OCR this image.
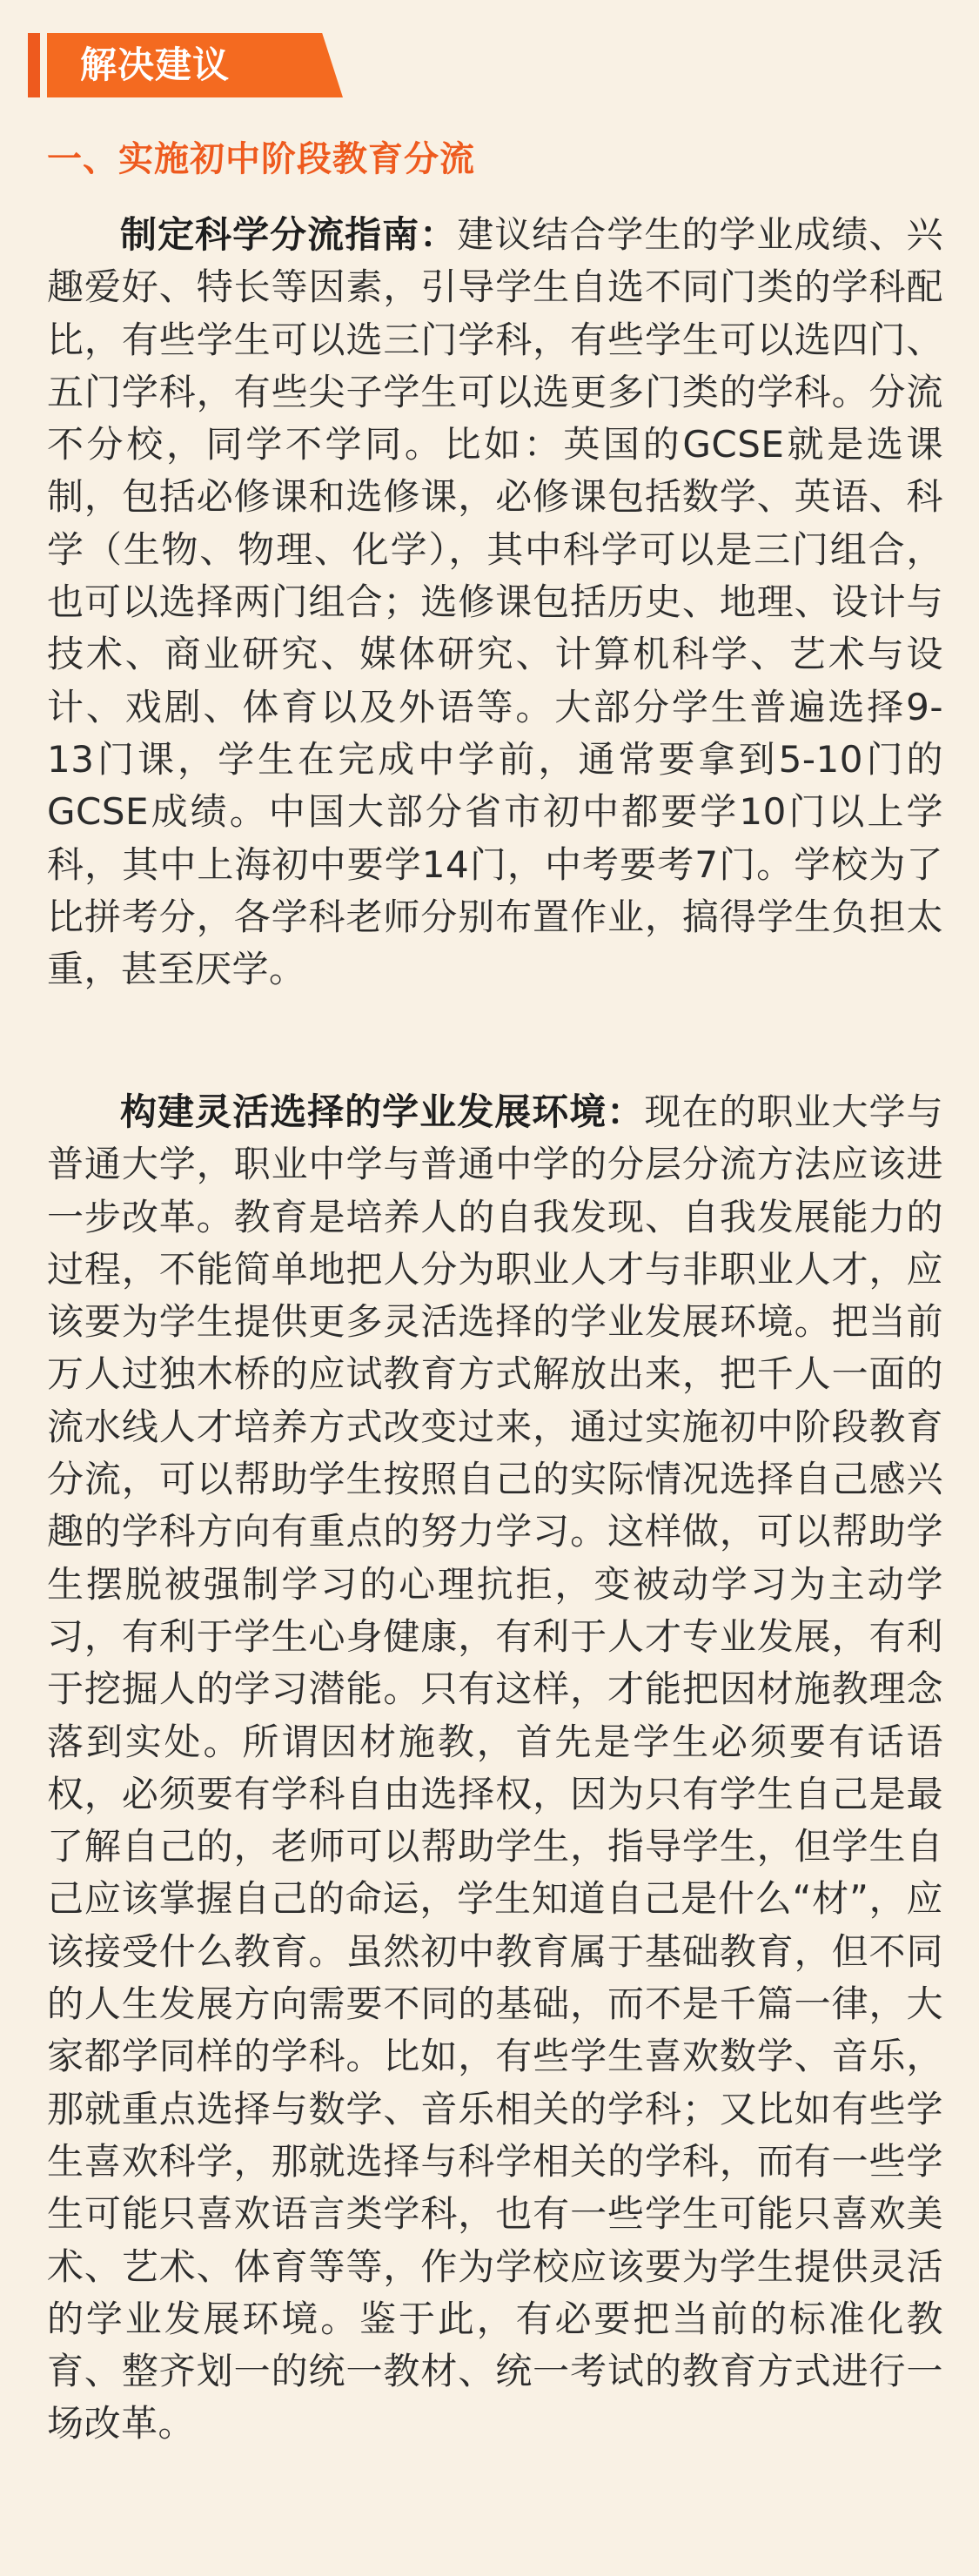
解决建议
一、实施初中阶段教育分流

制定科学分流指南：建议结合学生的学业成绩、兴趣爱好、特长等因素，引导学生自选不同门类的学科配比，有些学生可以选三门学科，有些学生可以选四门、五门学科，有些尖子学生可以选更多门类的学科。分流不分校，同学不学同。比如：英国的GCSE就是选课制，包括必修课和选修课，必修课包括数学、英语、科学（生物、物理、化学），其中科学可以是三门组合，也可以选择两门组合；选修课包括历史、地理、设计与技术、商业研究、媒体研究、计算机科学、艺术与设计、戏剧、体育以及外语等。大部分学生普遍选择9-13门课，学生在完成中学前，通常要拿到5-10门的GCSE成绩。中国大部分省市初中都要学10门以上学科，其中上海初中要学14门，中考要考7门。学校为了比拼考分，各学科老师分别布置作业，搞得学生负担太重，甚至厌学。

构建灵活选择的学业发展环境：现在的职业大学与普通大学，职业中学与普通中学的分层分流方法应该进一步改革。教育是培养人的自我发现、自我发展能力的过程，不能简单地把人分为职业人才与非职业人才，应该要为学生提供更多灵活选择的学业发展环境。把当前万人过独木桥的应试教育方式解放出来，把千人一面的流水线人才培养方式改变过来，通过实施初中阶段教育分流，可以帮助学生按照自己的实际情况选择自己感兴趣的学科方向有重点的努力学习。这样做，可以帮助学生摆脱被强制学习的心理抗拒，变被动学习为主动学习，有利于学生心身健康，有利于人才专业发展，有利于挖掘人的学习潜能。只有这样，才能把因材施教理念落到实处。所谓因材施教，首先是学生必须要有话语权，必须要有学科自由选择权，因为只有学生自己是最了解自己的，老师可以帮助学生，指导学生，但学生自己应该掌握自己的命运，学生知道自己是什么“材”，应该接受什么教育。虽然初中教育属于基础教育，但不同的人生发展方向需要不同的基础，而不是千篇一律，大家都学同样的学科。比如，有些学生喜欢数学、音乐，那就重点选择与数学、音乐相关的学科；又比如有些学生喜欢科学，那就选择与科学相关的学科，而有一些学生可能只喜欢语言类学科，也有一些学生可能只喜欢美术、艺术、体育等等，作为学校应该要为学生提供灵活的学业发展环境。鉴于此，有必要把当前的标准化教育、整齐划一的统一教材、统一考试的教育方式进行一场改革。
